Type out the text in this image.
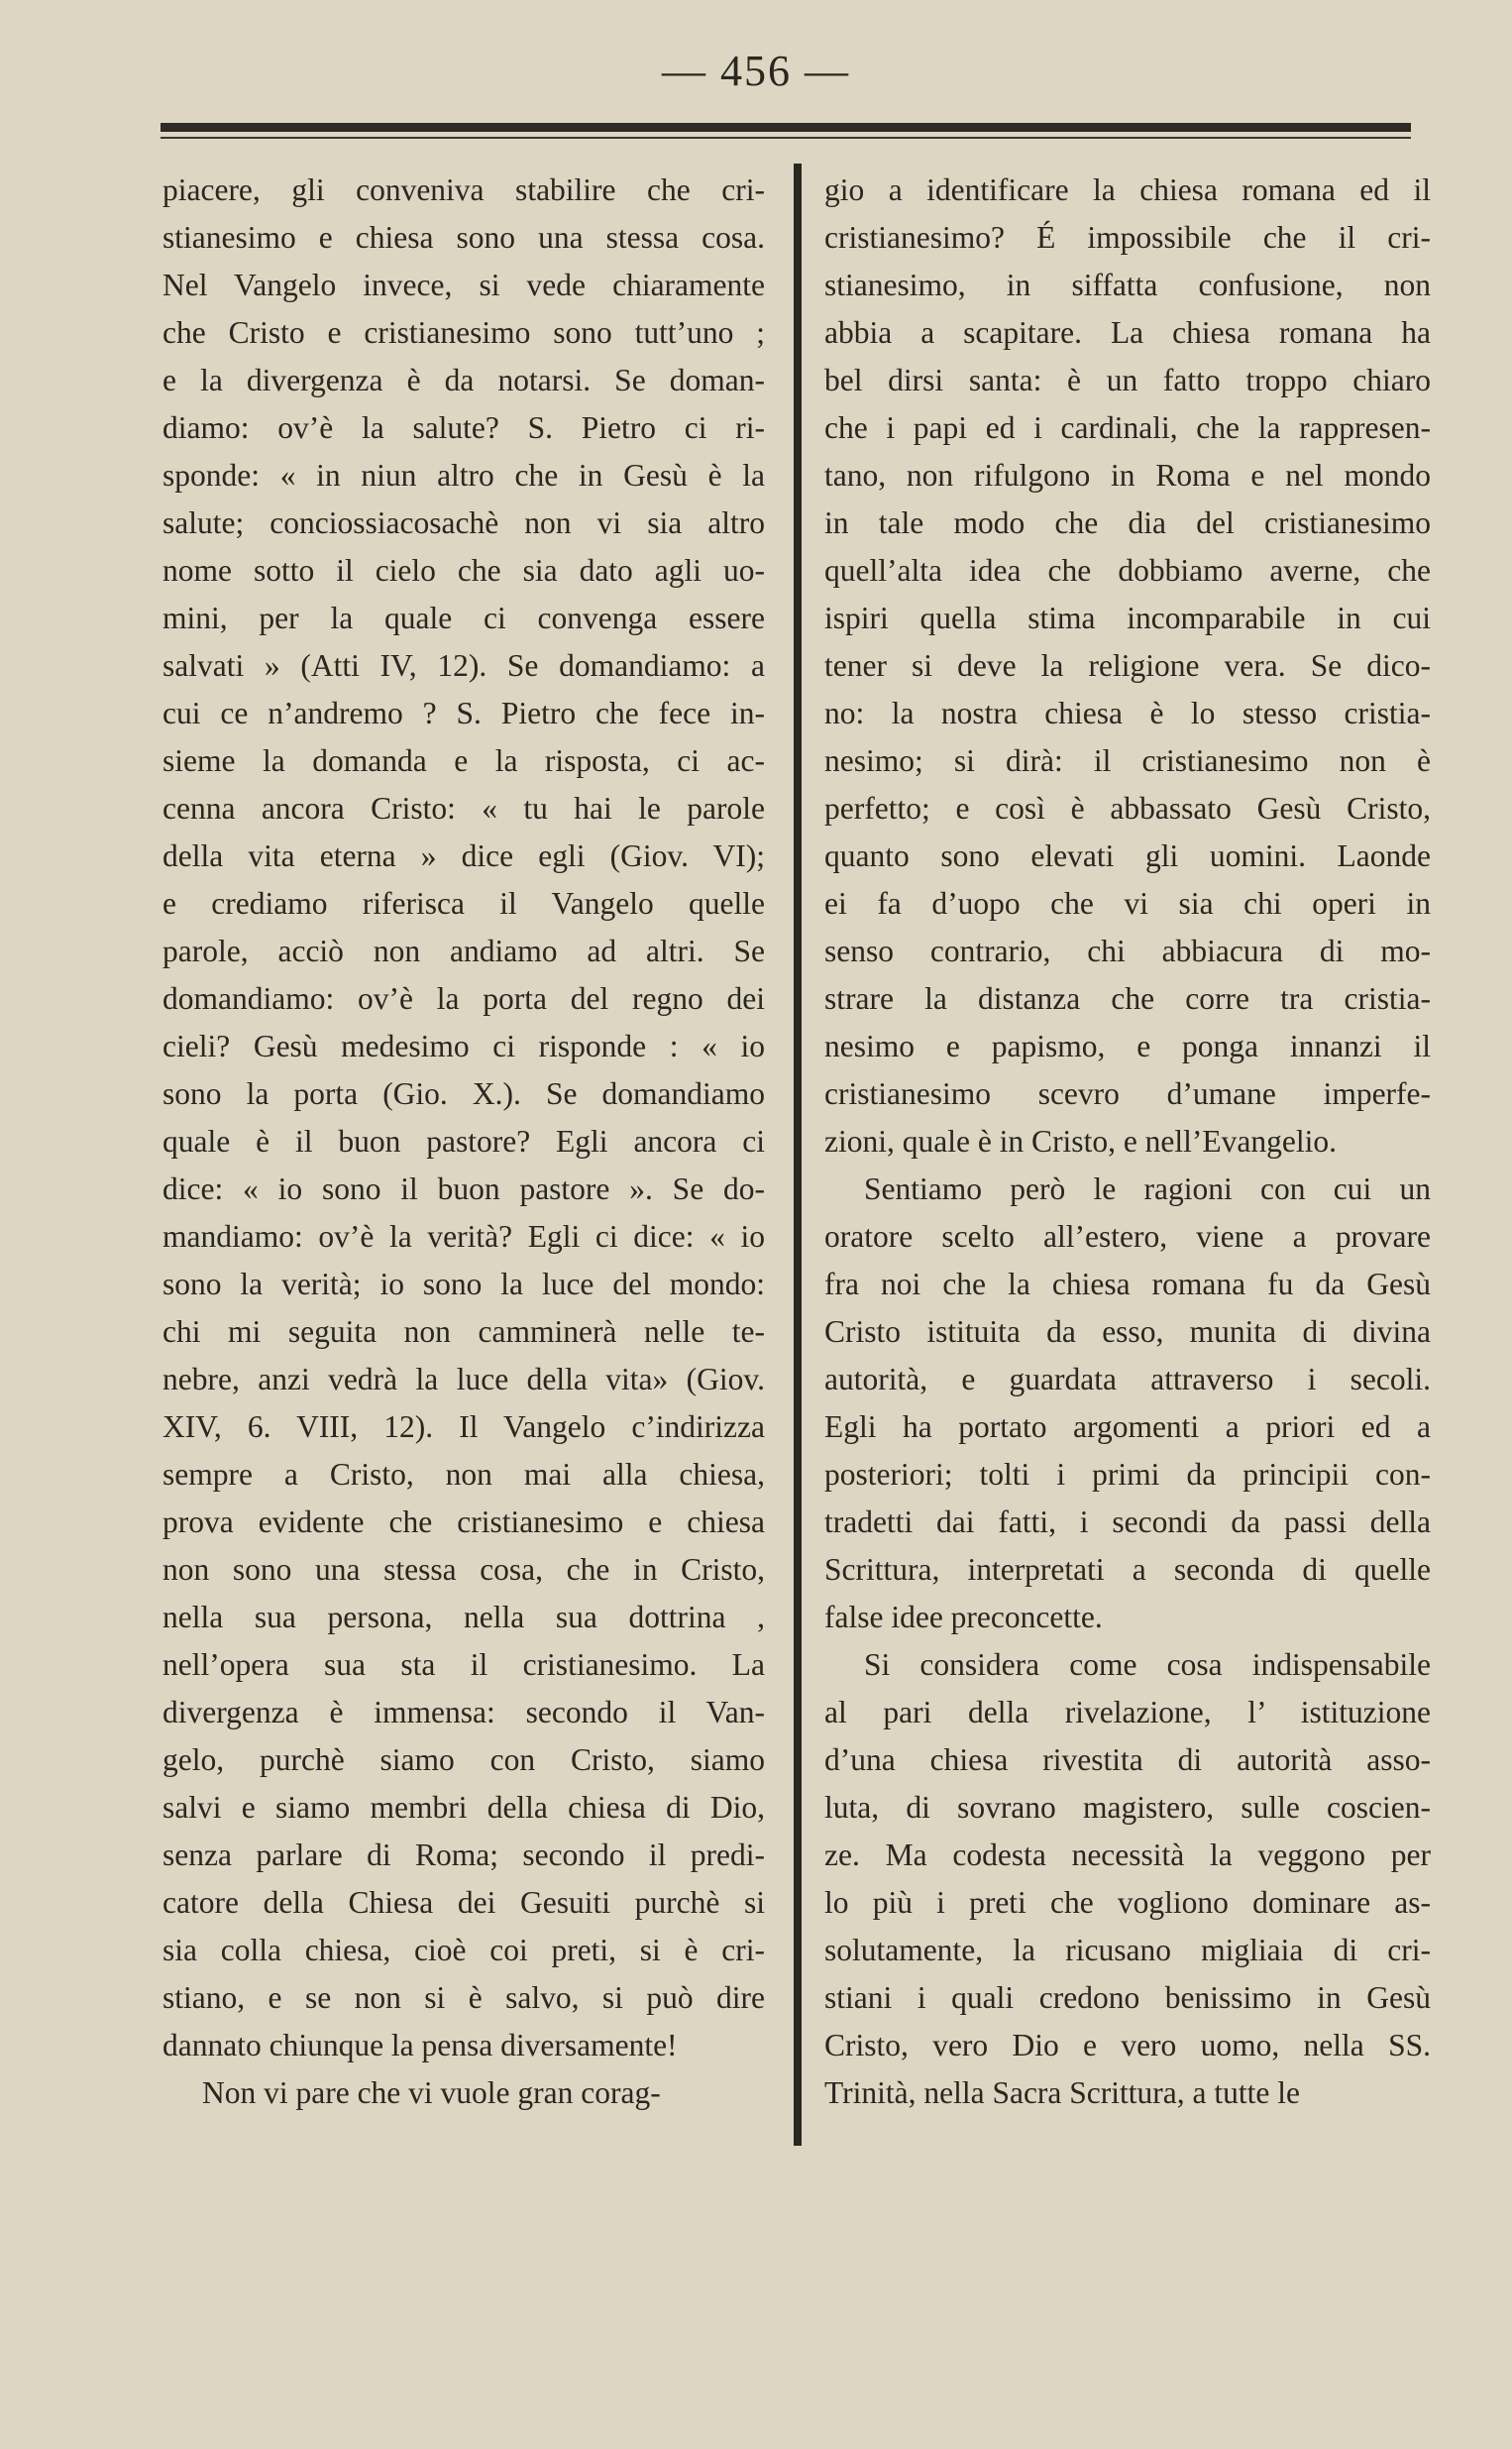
— 456 —
piacere, gli conveniva stabilire che cri-
stianesimo e chiesa sono una stessa cosa.
Nel Vangelo invece, si vede chiaramente
che Cristo e cristianesimo sono tutt’uno ;
e la divergenza è da notarsi. Se doman-
diamo: ov’è la salute? S. Pietro ci ri-
sponde: « in niun altro che in Gesù è la
salute; conciossiacosachè non vi sia altro
nome sotto il cielo che sia dato agli uo-
mini, per la quale ci convenga essere
salvati » (Atti IV, 12). Se domandiamo: a
cui ce n’andremo ? S. Pietro che fece in-
sieme la domanda e la risposta, ci ac-
cenna ancora Cristo: « tu hai le parole
della vita eterna » dice egli (Giov. VI);
e crediamo riferisca il Vangelo quelle
parole, acciò non andiamo ad altri. Se
domandiamo: ov’è la porta del regno dei
cieli? Gesù medesimo ci risponde : « io
sono la porta (Gio. X.). Se domandiamo
quale è il buon pastore? Egli ancora ci
dice: « io sono il buon pastore ». Se do-
mandiamo: ov’è la verità? Egli ci dice: « io
sono la verità; io sono la luce del mondo:
chi mi seguita non camminerà nelle te-
nebre, anzi vedrà la luce della vita» (Giov.
XIV, 6. VIII, 12). Il Vangelo c’indirizza
sempre a Cristo, non mai alla chiesa,
prova evidente che cristianesimo e chiesa
non sono una stessa cosa, che in Cristo,
nella sua persona, nella sua dottrina ,
nell’opera sua sta il cristianesimo. La
divergenza è immensa: secondo il Van-
gelo, purchè siamo con Cristo, siamo
salvi e siamo membri della chiesa di Dio,
senza parlare di Roma; secondo il predi-
catore della Chiesa dei Gesuiti purchè si
sia colla chiesa, cioè coi preti, si è cri-
stiano, e se non si è salvo, si può dire
dannato chiunque la pensa diversamente!
Non vi pare che vi vuole gran corag-
gio a identificare la chiesa romana ed il
cristianesimo? É impossibile che il cri-
stianesimo, in siffatta confusione, non
abbia a scapitare. La chiesa romana ha
bel dirsi santa: è un fatto troppo chiaro
che i papi ed i cardinali, che la rappresen-
tano, non rifulgono in Roma e nel mondo
in tale modo che dia del cristianesimo
quell’alta idea che dobbiamo averne, che
ispiri quella stima incomparabile in cui
tener si deve la religione vera. Se dico-
no: la nostra chiesa è lo stesso cristia-
nesimo; si dirà: il cristianesimo non è
perfetto; e così è abbassato Gesù Cristo,
quanto sono elevati gli uomini. Laonde
ei fa d’uopo che vi sia chi operi in
senso contrario, chi abbiacura di mo-
strare la distanza che corre tra cristia-
nesimo e papismo, e ponga innanzi il
cristianesimo scevro d’umane imperfe-
zioni, quale è in Cristo, e nell’Evangelio.
Sentiamo però le ragioni con cui un
oratore scelto all’estero, viene a provare
fra noi che la chiesa romana fu da Gesù
Cristo istituita da esso, munita di divina
autorità, e guardata attraverso i secoli.
Egli ha portato argomenti a priori ed a
posteriori; tolti i primi da principii con-
tradetti dai fatti, i secondi da passi della
Scrittura, interpretati a seconda di quelle
false idee preconcette.
Si considera come cosa indispensabile
al pari della rivelazione, l’ istituzione
d’una chiesa rivestita di autorità asso-
luta, di sovrano magistero, sulle coscien-
ze. Ma codesta necessità la veggono per
lo più i preti che vogliono dominare as-
solutamente, la ricusano migliaia di cri-
stiani i quali credono benissimo in Gesù
Cristo, vero Dio e vero uomo, nella SS.
Trinità, nella Sacra Scrittura, a tutte le
